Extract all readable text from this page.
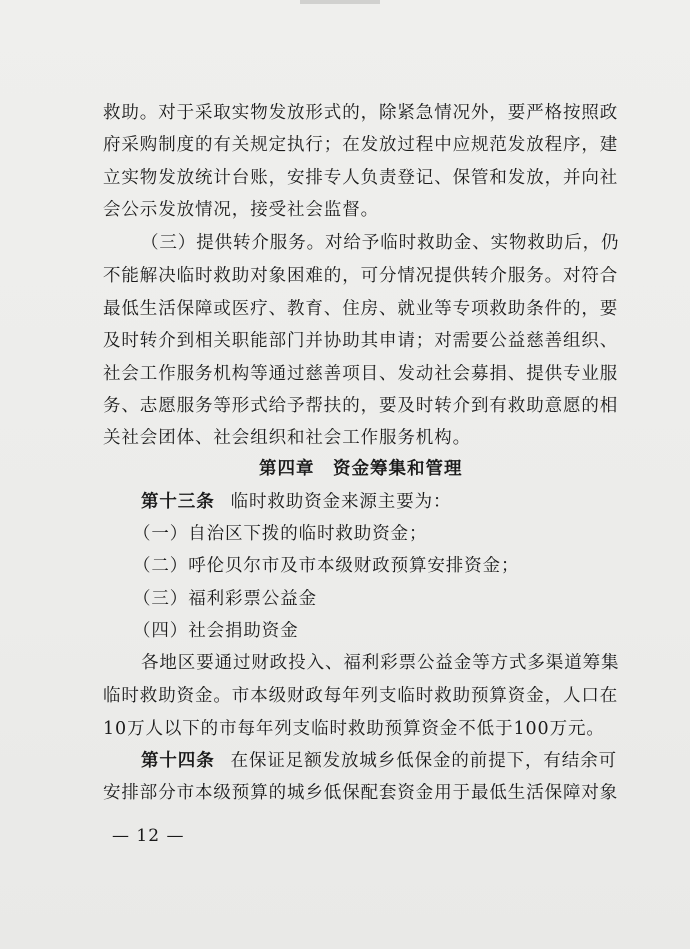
救助。对于采取实物发放形式的，除紧急情况外，要严格按照政
府采购制度的有关规定执行；在发放过程中应规范发放程序，建
立实物发放统计台账，安排专人负责登记、保管和发放，并向社
会公示发放情况，接受社会监督。
（三）提供转介服务。对给予临时救助金、实物救助后，仍
不能解决临时救助对象困难的，可分情况提供转介服务。对符合
最低生活保障或医疗、教育、住房、就业等专项救助条件的，要
及时转介到相关职能部门并协助其申请；对需要公益慈善组织、
社会工作服务机构等通过慈善项目、发动社会募捐、提供专业服
务、志愿服务等形式给予帮扶的，要及时转介到有救助意愿的相
关社会团体、社会组织和社会工作服务机构。
第四章　资金筹集和管理
第十三条 临时救助资金来源主要为：
（一）自治区下拨的临时救助资金；
（二）呼伦贝尔市及市本级财政预算安排资金；
（三）福利彩票公益金
（四）社会捐助资金
各地区要通过财政投入、福利彩票公益金等方式多渠道筹集
临时救助资金。市本级财政每年列支临时救助预算资金，人口在
10万人以下的市每年列支临时救助预算资金不低于100万元。
第十四条 在保证足额发放城乡低保金的前提下，有结余可
安排部分市本级预算的城乡低保配套资金用于最低生活保障对象
— 12 —
